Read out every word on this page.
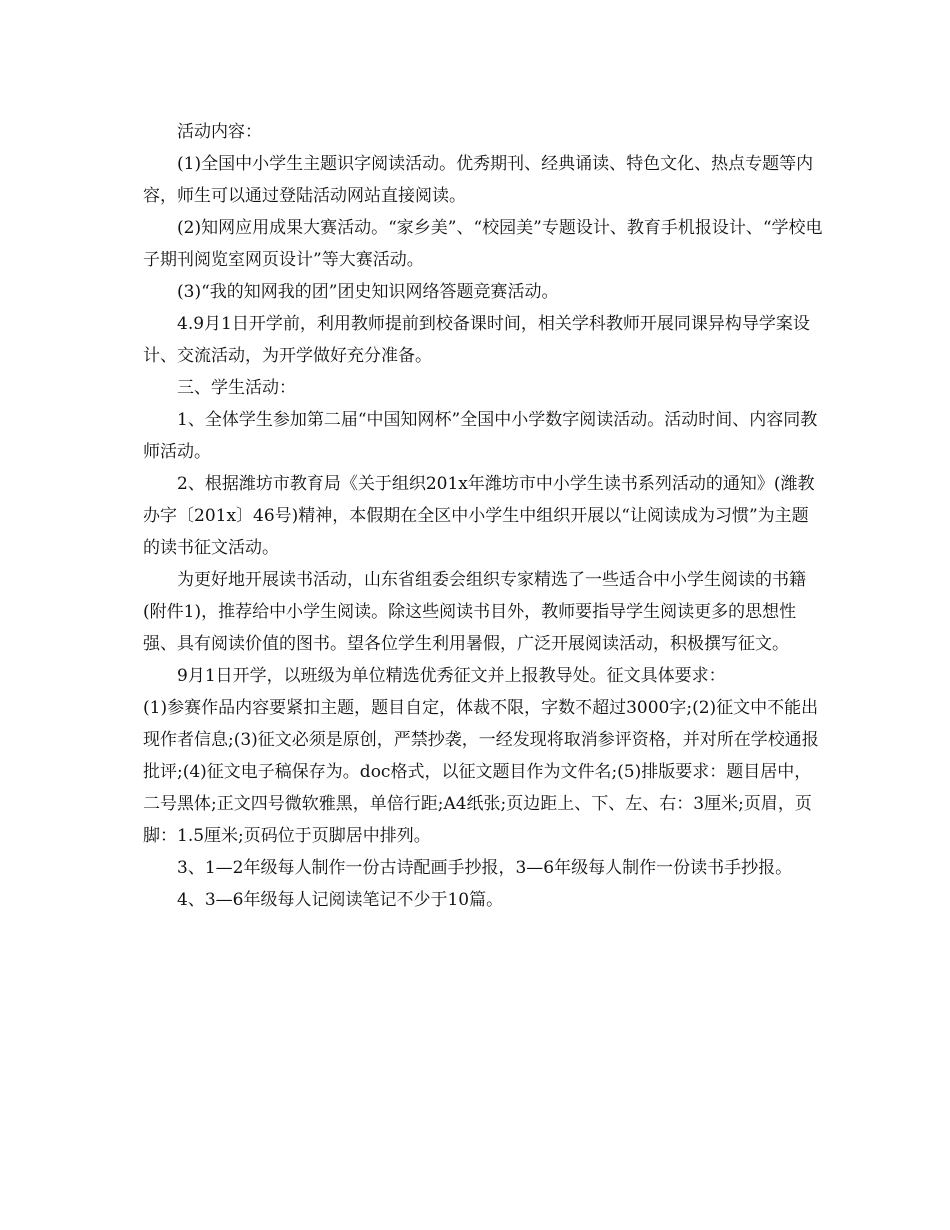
活动内容：

(1)全国中小学生主题识字阅读活动。优秀期刊、经典诵读、特色文化、热点专题等内容，师生可以通过登陆活动网站直接阅读。

(2)知网应用成果大赛活动。“家乡美”、“校园美”专题设计、教育手机报设计、“学校电子期刊阅览室网页设计”等大赛活动。

(3)“我的知网我的团”团史知识网络答题竞赛活动。

4.9月1日开学前，利用教师提前到校备课时间，相关学科教师开展同课异构导学案设计、交流活动，为开学做好充分准备。

三、学生活动：

1、全体学生参加第二届“中国知网杯”全国中小学数字阅读活动。活动时间、内容同教师活动。

2、根据潍坊市教育局《关于组织201x年潍坊市中小学生读书系列活动的通知》(潍教办字〔201x〕46号)精神，本假期在全区中小学生中组织开展以“让阅读成为习惯”为主题的读书征文活动。

为更好地开展读书活动，山东省组委会组织专家精选了一些适合中小学生阅读的书籍(附件1)，推荐给中小学生阅读。除这些阅读书目外，教师要指导学生阅读更多的思想性强、具有阅读价值的图书。望各位学生利用暑假，广泛开展阅读活动，积极撰写征文。

9月1日开学，以班级为单位精选优秀征文并上报教导处。征文具体要求：

(1)参赛作品内容要紧扣主题，题目自定，体裁不限，字数不超过3000字;(2)征文中不能出现作者信息;(3)征文必须是原创，严禁抄袭，一经发现将取消参评资格，并对所在学校通报批评;(4)征文电子稿保存为。doc格式，以征文题目作为文件名;(5)排版要求：题目居中，二号黑体;正文四号微软雅黑，单倍行距;A4纸张;页边距上、下、左、右：3厘米;页眉，页脚：1.5厘米;页码位于页脚居中排列。

3、1—2年级每人制作一份古诗配画手抄报，3—6年级每人制作一份读书手抄报。

4、3—6年级每人记阅读笔记不少于10篇。
